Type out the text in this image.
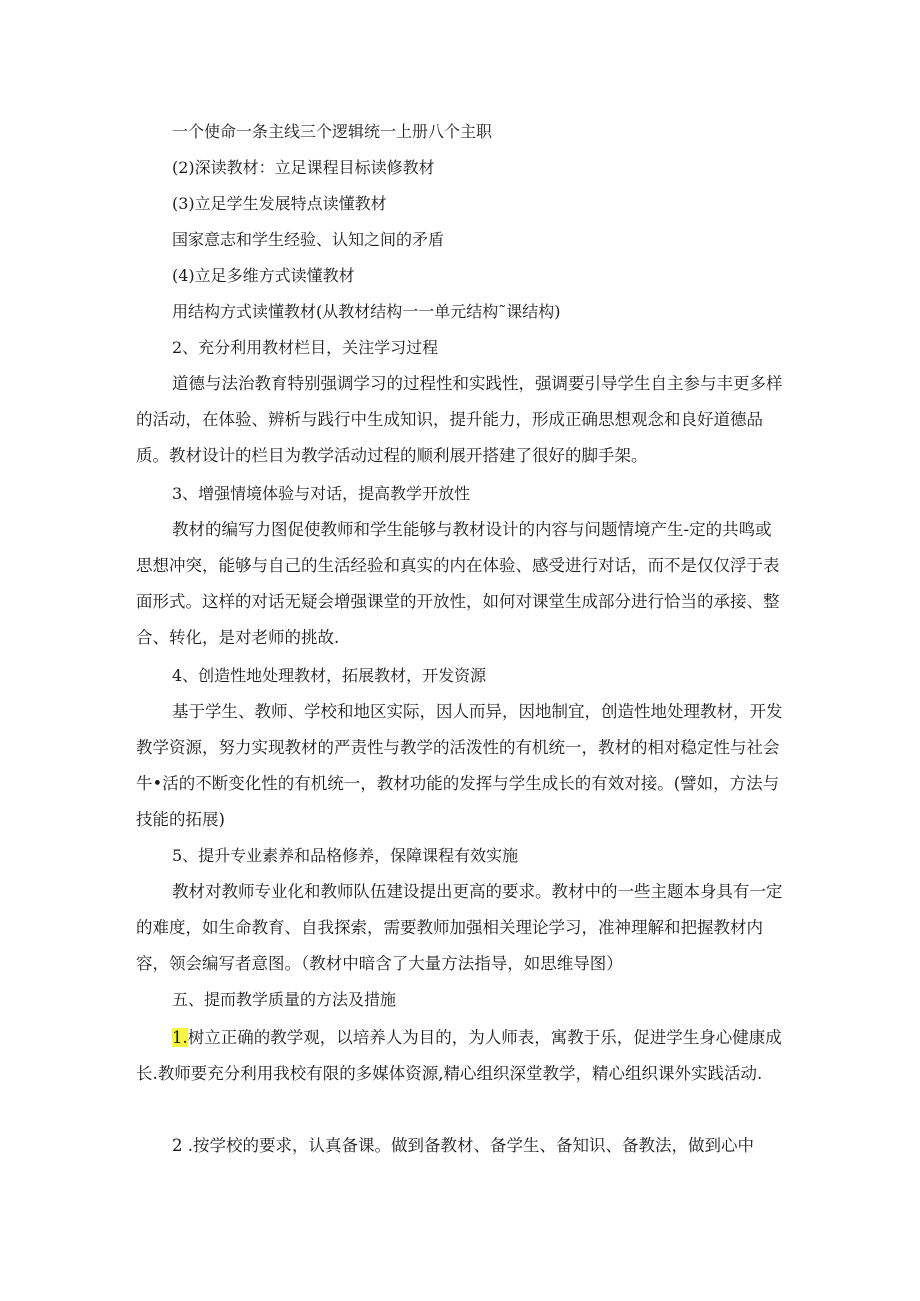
一个使命一条主线三个逻辑统一上册八个主职
(2)深读教材：立足课程目标读修教材
(3)立足学生发展特点读懂教材
国家意志和学生经验、认知之间的矛盾
(4)立足多维方式读懂教材
用结构方式读懂教材(从教材结构一一单元结构˜课结构)
2、充分利用教材栏目，关注学习过程
道德与法治教育特别强调学习的过程性和实践性，强调要引导学生自主参与丰更多样的活动，在体验、辨析与践行中生成知识，提升能力，形成正确思想观念和良好道德品质。教材设计的栏目为教学活动过程的顺利展开搭建了很好的脚手架。
3、增强情境体验与对话，提高教学开放性
教材的编写力图促使教师和学生能够与教材设计的内容与问题情境产生-定的共鸣或思想冲突，能够与自己的生活经验和真实的内在体验、感受进行对话，而不是仅仅浮于表面形式。这样的对话无疑会增强课堂的开放性，如何对课堂生成部分进行恰当的承接、整合、转化，是对老师的挑故.
4、创造性地处理教材，拓展教材，开发资源
基于学生、教师、学校和地区实际，因人而异，因地制宜，创造性地处理教材，开发教学资源，努力实现教材的严责性与教学的活泼性的有机统一，教材的相对稳定性与社会牛•活的不断变化性的有机统一，教材功能的发挥与学生成长的有效对接。(譬如，方法与技能的拓展)
5、提升专业素养和品格修养，保障课程有效实施
教材对教师专业化和教师队伍建设提出更高的要求。教材中的一些主题本身具有一定的难度，如生命教育、自我探索，需要教师加强相关理论学习，准神理解和把握教材内容，领会编写者意图。（教材中暗含了大量方法指导，如思维导图）
五、提而教学质量的方法及措施
1.树立正确的教学观，以培养人为目的，为人师表，寓教于乐，促进学生身心健康成长.教师要充分利用我校有限的多媒体资源,精心组织深堂教学，精心组织课外实践活动.
2 .按学校的要求，认真备课。做到备教材、备学生、备知识、备教法，做到心中
